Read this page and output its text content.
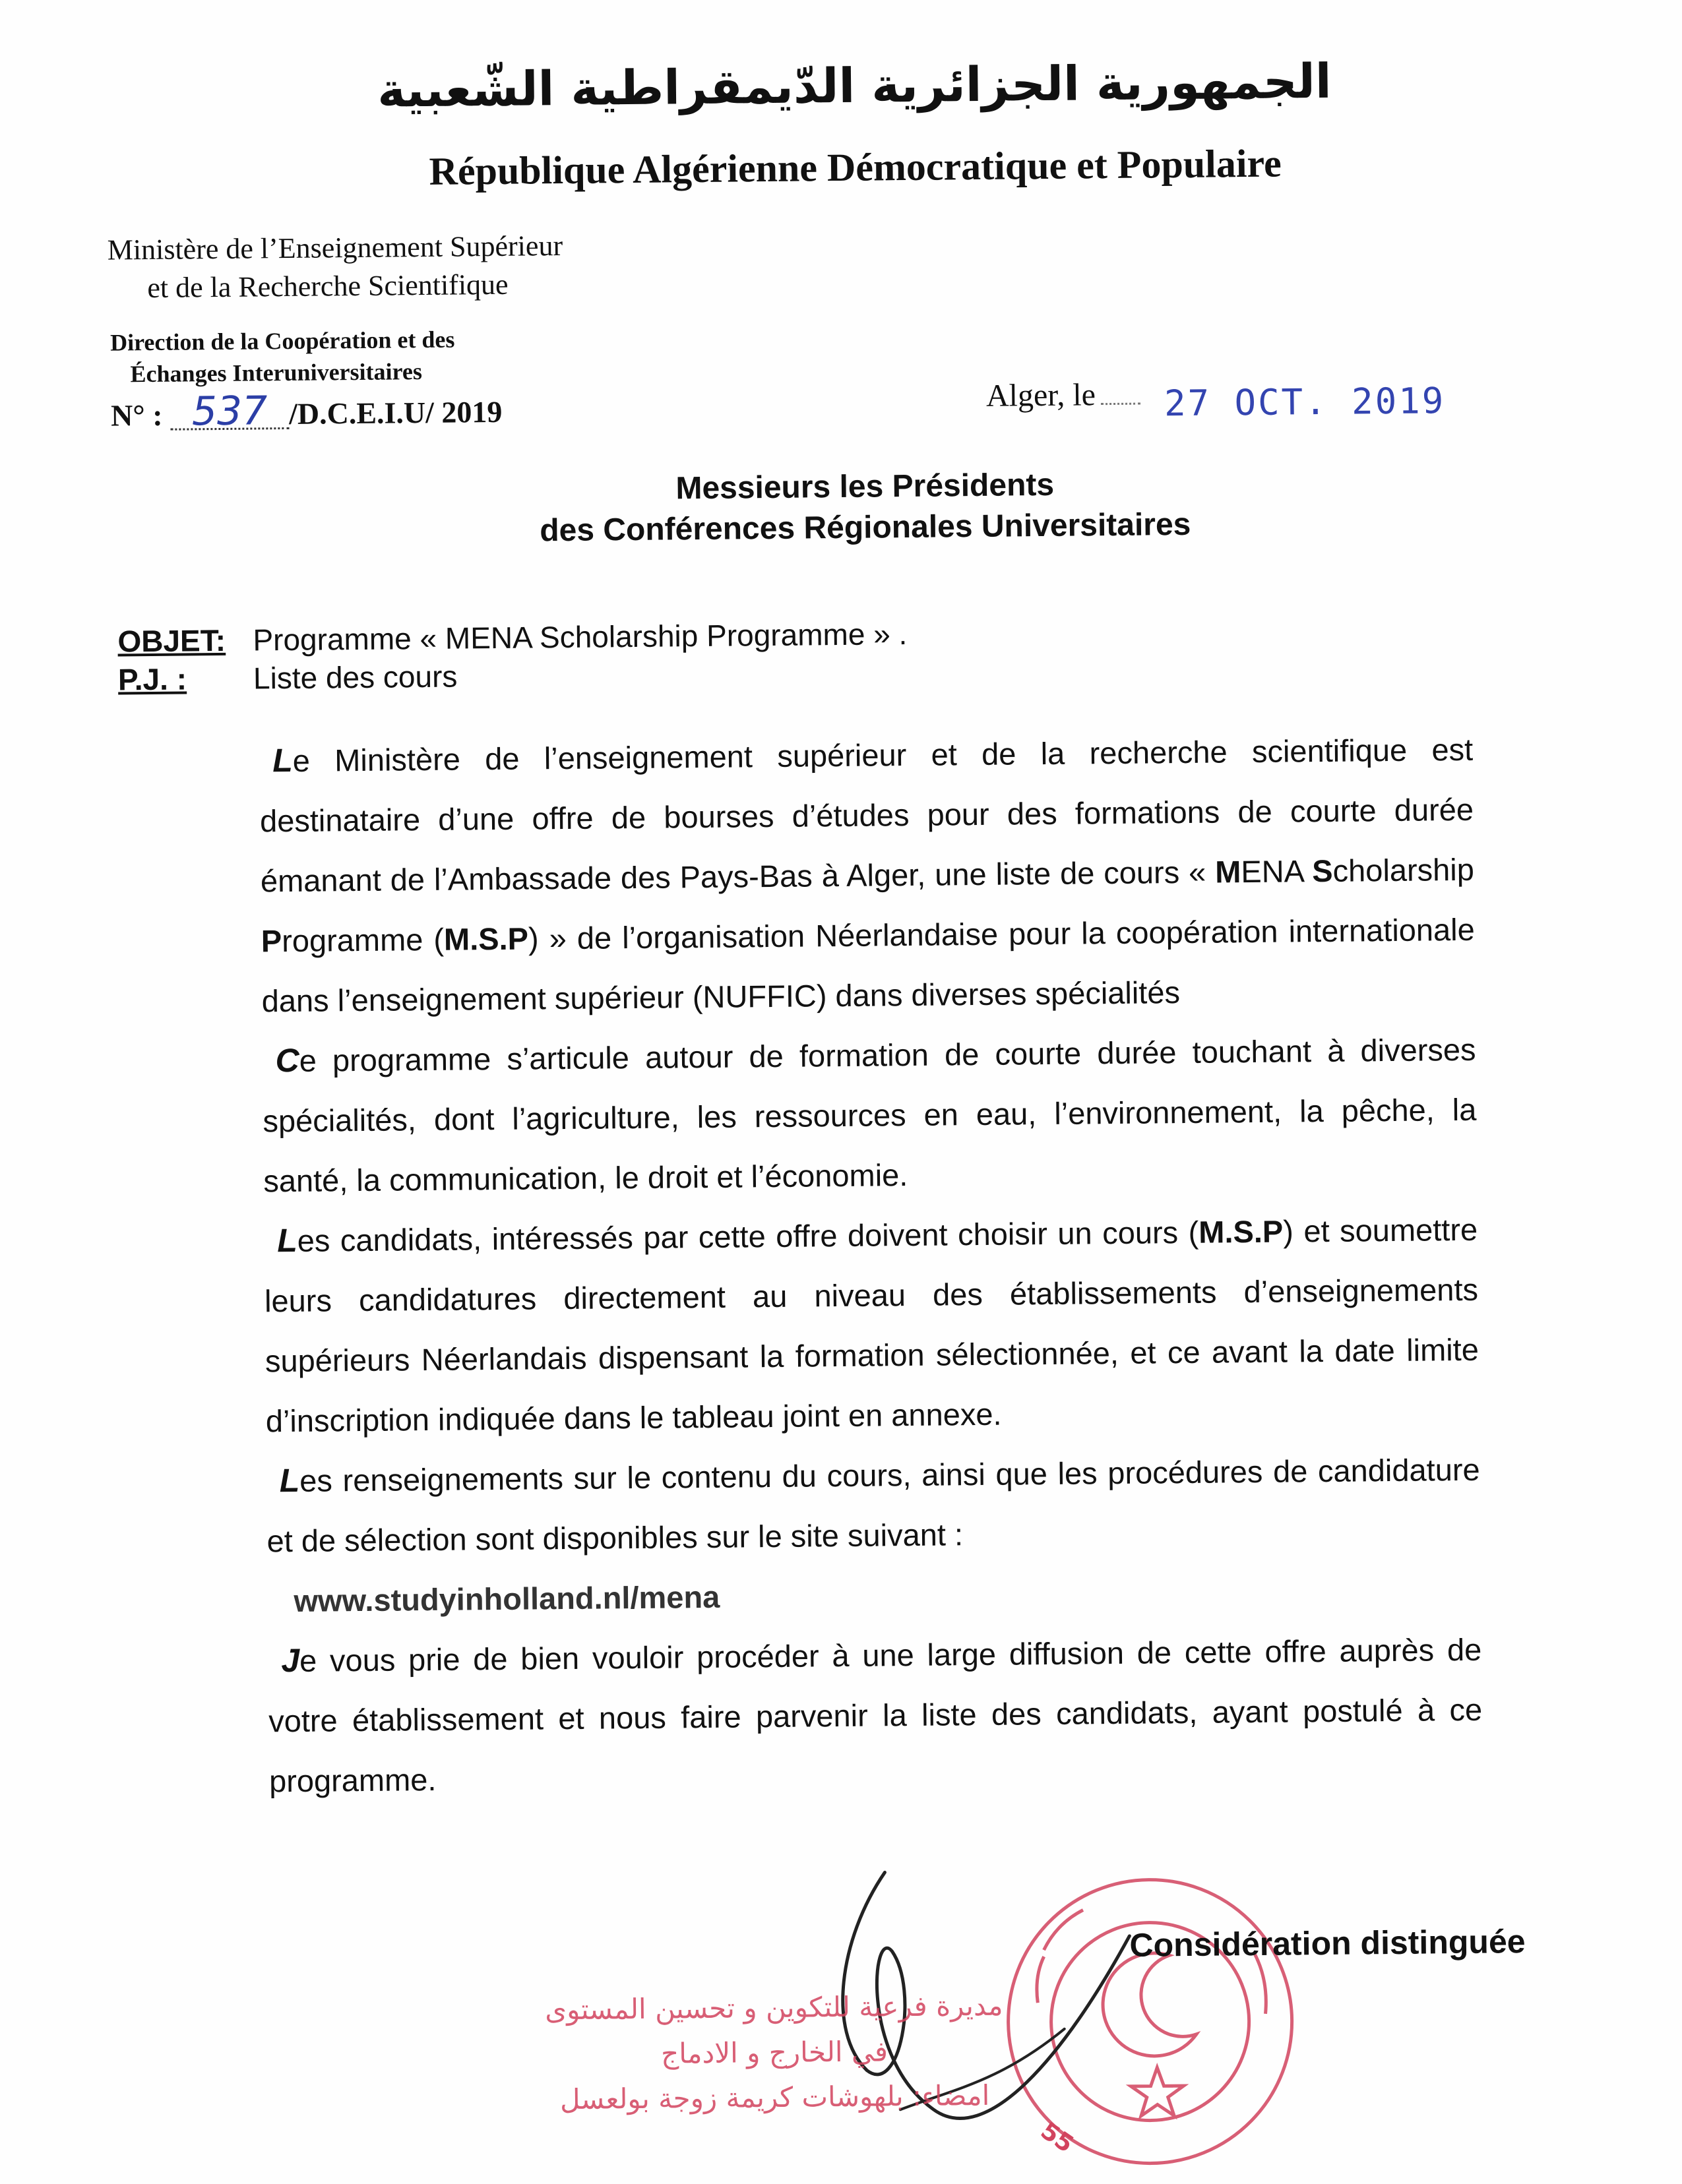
الجمهورية الجزائرية الدّيمقراطية الشّعبية
République Algérienne Démocratique et Populaire
Ministère de l’Enseignement Supérieur
et de la Recherche Scientifique
Direction de la Coopération et des
Échanges Interuniversitaires
N° : 537 /D.C.E.I.U/ 2019	Alger, le	27 OCT. 2019
Messieurs les Présidents
des Conférences Régionales Universitaires
OBJET: Programme « MENA Scholarship Programme » .
P.J. : Liste des cours

Le Ministère de l’enseignement supérieur et de la recherche scientifique est destinataire d’une offre de bourses d’études pour des formations de courte durée émanant de l’Ambassade des Pays-Bas à Alger, une liste de cours « MENA Scholarship Programme (M.S.P) » de l’organisation Néerlandaise pour la coopération internationale dans l’enseignement supérieur (NUFFIC) dans diverses spécialités

Ce programme s’articule autour de formation de courte durée touchant à diverses spécialités, dont l’agriculture, les ressources en eau, l’environnement, la pêche, la santé, la communication, le droit et l’économie.

Les candidats, intéressés par cette offre doivent choisir un cours (M.S.P) et soumettre leurs candidatures directement au niveau des établissements d’enseignements supérieurs Néerlandais dispensant la formation sélectionnée, et ce avant la date limite d’inscription indiquée dans le tableau joint en annexe.

Les renseignements sur le contenu du cours, ainsi que les procédures de candidature et de sélection sont disponibles sur le site suivant :

www.studyinholland.nl/mena

Je vous prie de bien vouloir procéder à une large diffusion de cette offre auprès de votre établissement et nous faire parvenir la liste des candidats, ayant postulé à ce programme.

55
Considération distinguée
مديرة فرعية للتكوين و تحسين المستوى
في الخارج و الادماج
امضاء: بلهوشات كريمة زوجة بولعسل
